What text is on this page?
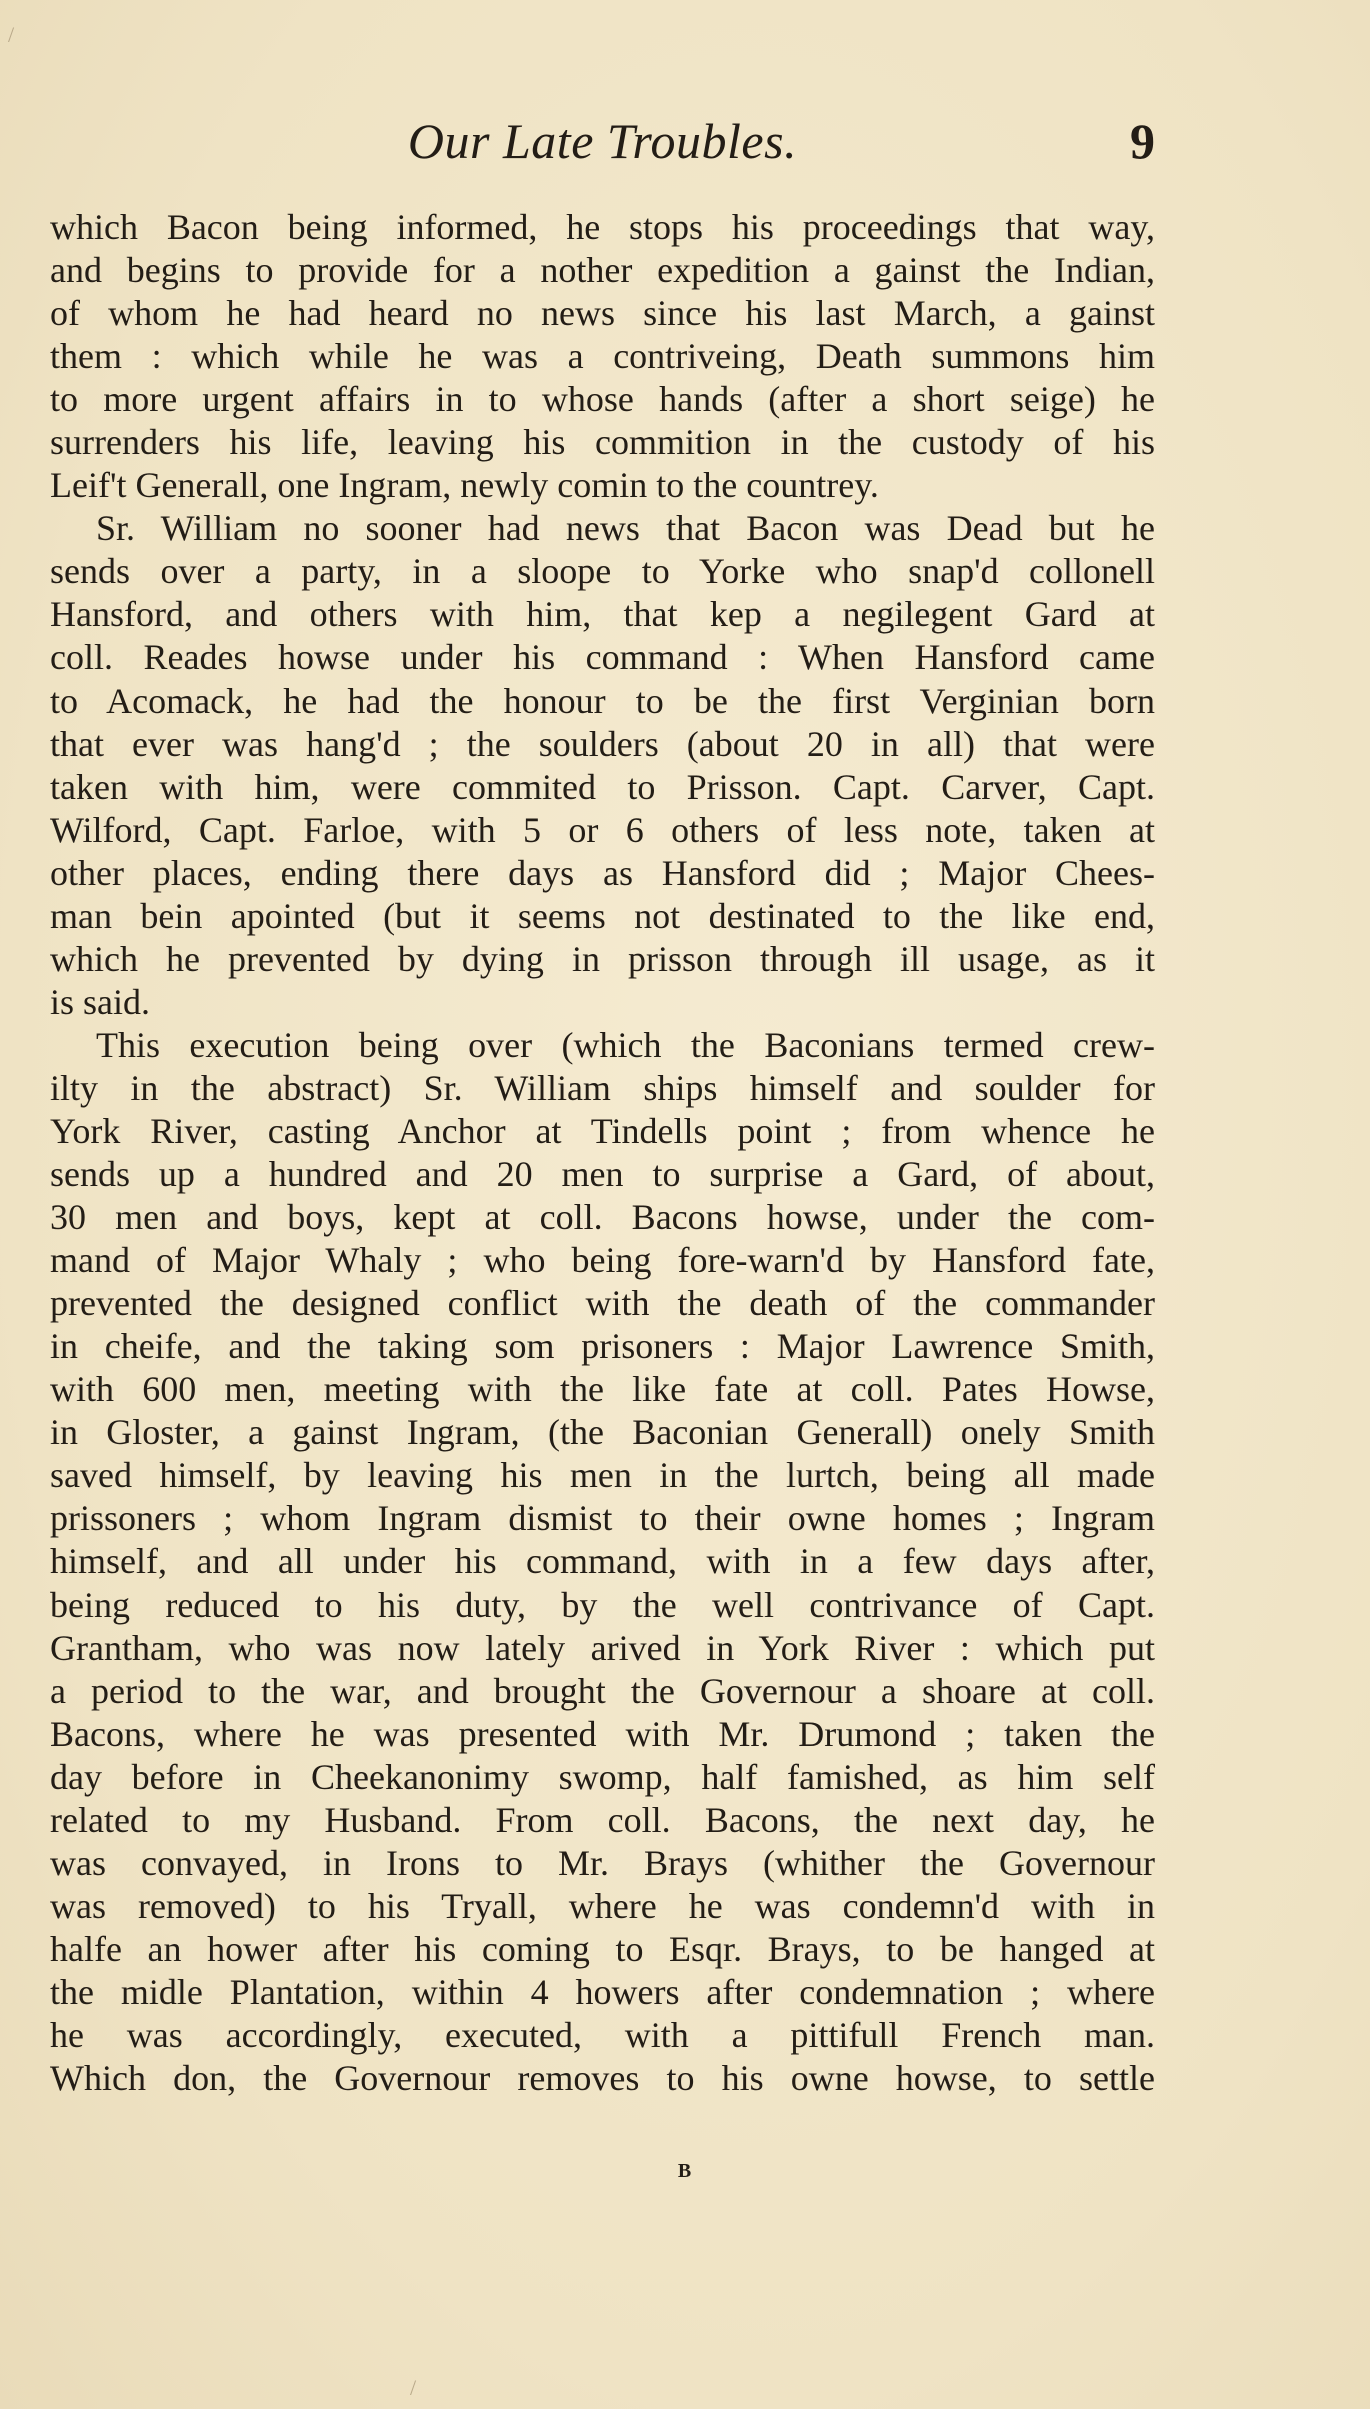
Our Late Troubles.	9
which Bacon being informed, he stops his proceedings that way,
and begins to provide for a nother expedition a gainst the Indian,
of whom he had heard no news since his last March, a gainst
them : which while he was a contriveing, Death summons him
to more urgent affairs in to whose hands (after a short seige) he
surrenders his life, leaving his commition in the custody of his
Leif't Generall, one Ingram, newly comin to the countrey.
Sr. William no sooner had news that Bacon was Dead but he
sends over a party, in a sloope to Yorke who snap'd collonell
Hansford, and others with him, that kep a negilegent Gard at
coll. Reades howse under his command : When Hansford came
to Acomack, he had the honour to be the first Verginian born
that ever was hang'd ; the soulders (about 20 in all) that were
taken with him, were commited to Prisson. Capt. Carver, Capt.
Wilford, Capt. Farloe, with 5 or 6 others of less note, taken at
other places, ending there days as Hansford did ; Major Chees-
man bein apointed (but it seems not destinated to the like end,
which he prevented by dying in prisson through ill usage, as it
is said.
This execution being over (which the Baconians termed crew-
ilty in the abstract) Sr. William ships himself and soulder for
York River, casting Anchor at Tindells point ; from whence he
sends up a hundred and 20 men to surprise a Gard, of about,
30 men and boys, kept at coll. Bacons howse, under the com-
mand of Major Whaly ; who being fore-warn'd by Hansford fate,
prevented the designed conflict with the death of the commander
in cheife, and the taking som prisoners : Major Lawrence Smith,
with 600 men, meeting with the like fate at coll. Pates Howse,
in Gloster, a gainst Ingram, (the Baconian Generall) onely Smith
saved himself, by leaving his men in the lurtch, being all made
prissoners ; whom Ingram dismist to their owne homes ; Ingram
himself, and all under his command, with in a few days after,
being reduced to his duty, by the well contrivance of Capt.
Grantham, who was now lately arived in York River : which put
a period to the war, and brought the Governour a shoare at coll.
Bacons, where he was presented with Mr. Drumond ; taken the
day before in Cheekanonimy swomp, half famished, as him self
related to my Husband. From coll. Bacons, the next day, he
was convayed, in Irons to Mr. Brays (whither the Governour
was removed) to his Tryall, where he was condemn'd with in
halfe an hower after his coming to Esqr. Brays, to be hanged at
the midle Plantation, within 4 howers after condemnation ; where
he was accordingly, executed, with a pittifull French man.
Which don, the Governour removes to his owne howse, to settle
B
/
/
